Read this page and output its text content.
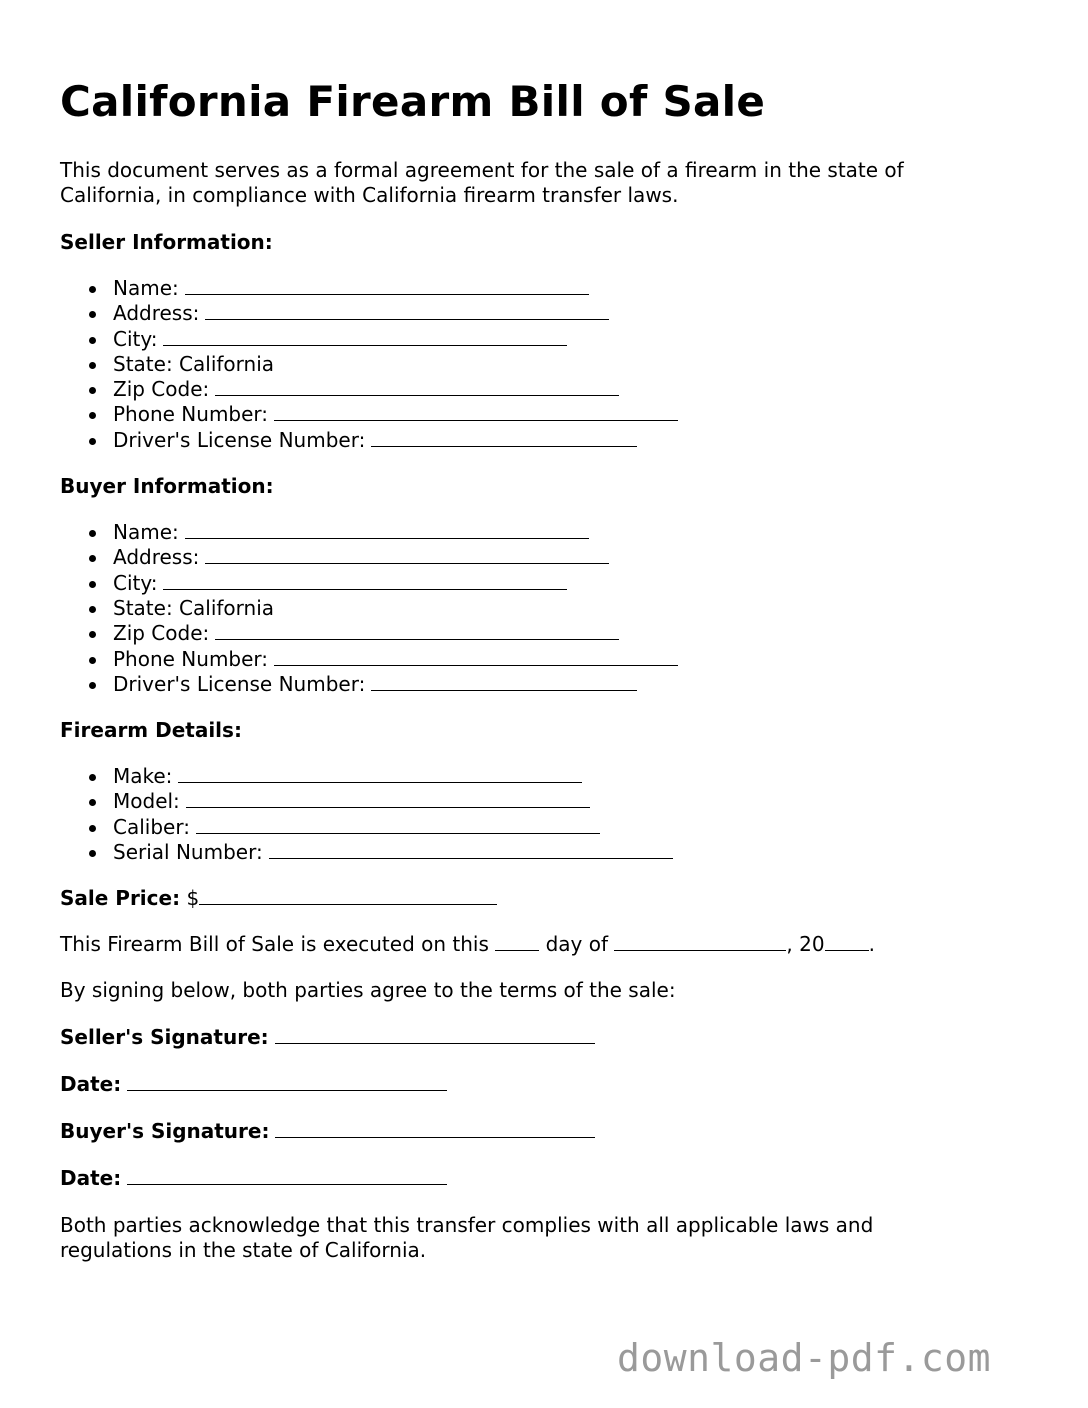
California Firearm Bill of Sale

This document serves as a formal agreement for the sale of a firearm in the state of California, in compliance with California firearm transfer laws.

Seller Information:

Name:
Address:
City:
State: California
Zip Code:
Phone Number:
Driver's License Number:

Buyer Information:

Name:
Address:
City:
State: California
Zip Code:
Phone Number:
Driver's License Number:

Firearm Details:

Make:
Model:
Caliber:
Serial Number:

Sale Price: $

This Firearm Bill of Sale is executed on this	day of	, 20 .

By signing below, both parties agree to the terms of the sale:

Seller's Signature:

Date:

Buyer's Signature:

Date:

Both parties acknowledge that this transfer complies with all applicable laws and regulations in the state of California.

download-pdf.com
